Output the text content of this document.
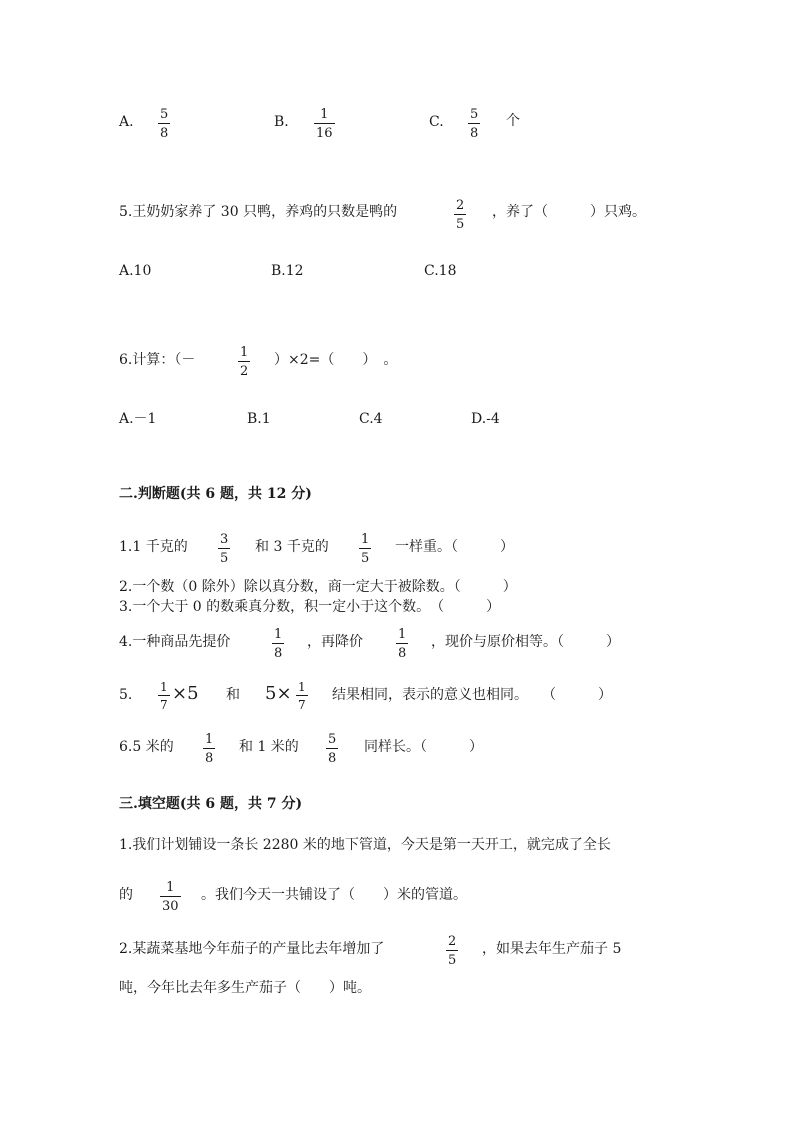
A. 5
8
B. 1
16
C. 5
8
个
5.王奶奶家养了 30 只鸭，养鸡的只数是鸭的	2
5
，养了（　　　）只鸡。
A.10	B.12	C.18
6.计算：（－	1
2
）×2=（　　）　。
A.－1	B.1	C.4	D.-4
二.判断题(共 6 题，共 12 分)
1.1 千克的 3
5
和 3 千克的 1
5
一样重。（　　　）
2.一个数（0 除外）除以真分数，商一定大于被除数。（　　　）
3.一个大于 0 的数乘真分数，积一定小于这个数。　（　　　）
4.一种商品先提价	1
8
，再降价	1
8
，现价与原价相等。（　　　）
5. 1
7
×5 和 5× 1
7
结果相同，表示的意义也相同。　　（　　　）
6.5 米的 1
8
和 1 米的 5
8
同样长。（　　　）
三.填空题(共 6 题，共 7 分)
1.我们计划铺设一条长 2280 米的地下管道，今天是第一天开工，就完成了全长
的	1
30
。我们今天一共铺设了（　　）米的管道。
2.某蔬菜基地今年茄子的产量比去年增加了	2
5
，如果去年生产茄子 5
吨，今年比去年多生产茄子（　　）吨。
